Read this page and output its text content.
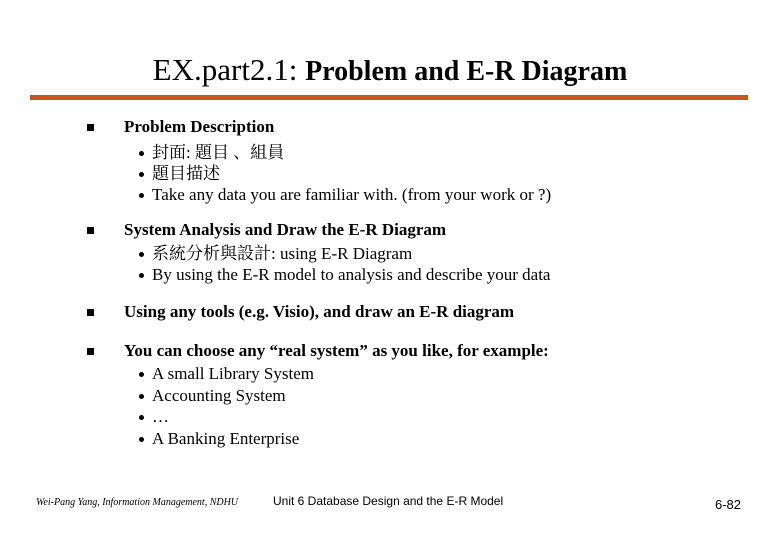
EX.part2.1: Problem and E-R Diagram
Problem Description
封面: 題目 、組員
題目描述
Take any data you are familiar with. (from your work or ?)
System Analysis and Draw the E-R Diagram
系統分析與設計: using E-R Diagram
By using the E-R model to analysis and describe your data
Using any tools (e.g. Visio), and draw an E-R diagram
You can choose any “real system” as you like, for example:
A small Library System
Accounting System
…
A Banking Enterprise
Wei-Pang Yang, Information Management, NDHU	Unit 6 Database Design and the E-R Model	6-82
